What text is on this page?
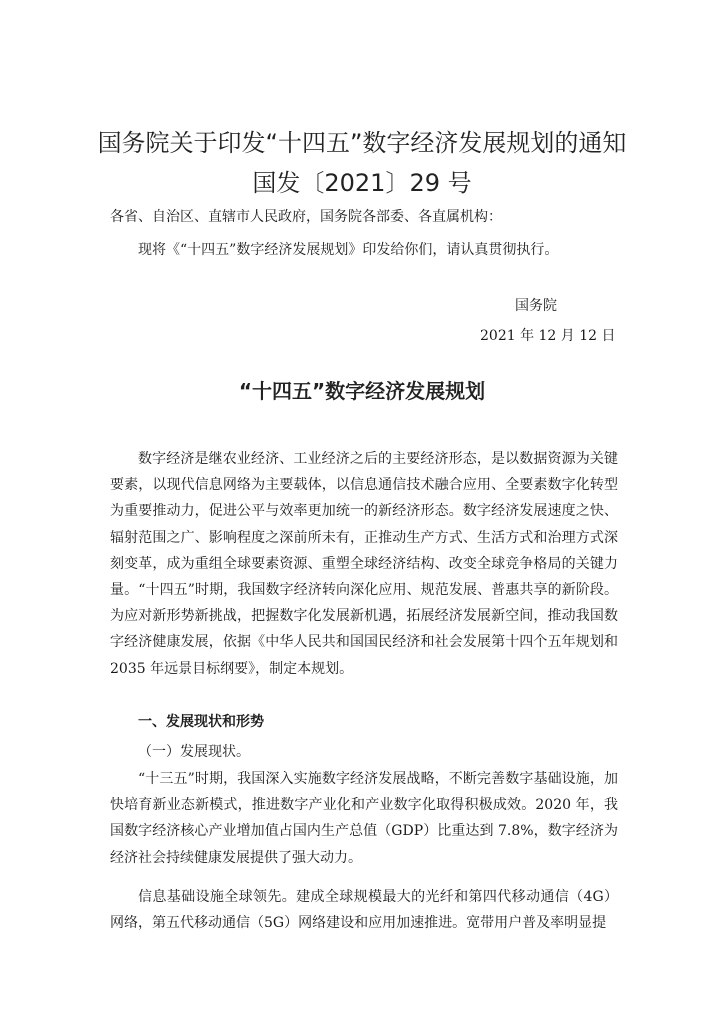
国务院关于印发“十四五”数字经济发展规划的通知
国发〔2021〕29 号
各省、自治区、直辖市人民政府，国务院各部委、各直属机构：
现将《“十四五”数字经济发展规划》印发给你们，请认真贯彻执行。
国务院
2021 年 12 月 12 日
“十四五”数字经济发展规划

数字经济是继农业经济、工业经济之后的主要经济形态，是以数据资源为关键要素，以现代信息网络为主要载体，以信息通信技术融合应用、全要素数字化转型为重要推动力，促进公平与效率更加统一的新经济形态。数字经济发展速度之快、辐射范围之广、影响程度之深前所未有，正推动生产方式、生活方式和治理方式深刻变革，成为重组全球要素资源、重塑全球经济结构、改变全球竞争格局的关键力量。“十四五”时期，我国数字经济转向深化应用、规范发展、普惠共享的新阶段。为应对新形势新挑战，把握数字化发展新机遇，拓展经济发展新空间，推动我国数字经济健康发展，依据《中华人民共和国国民经济和社会发展第十四个五年规划和 2035 年远景目标纲要》，制定本规划。

一、发展现状和形势
（一）发展现状。

“十三五”时期，我国深入实施数字经济发展战略，不断完善数字基础设施，加快培育新业态新模式，推进数字产业化和产业数字化取得积极成效。2020 年，我国数字经济核心产业增加值占国内生产总值（GDP）比重达到 7.8%，数字经济为经济社会持续健康发展提供了强大动力。

信息基础设施全球领先。建成全球规模最大的光纤和第四代移动通信（4G）网络，第五代移动通信（5G）网络建设和应用加速推进。宽带用户普及率明显提
